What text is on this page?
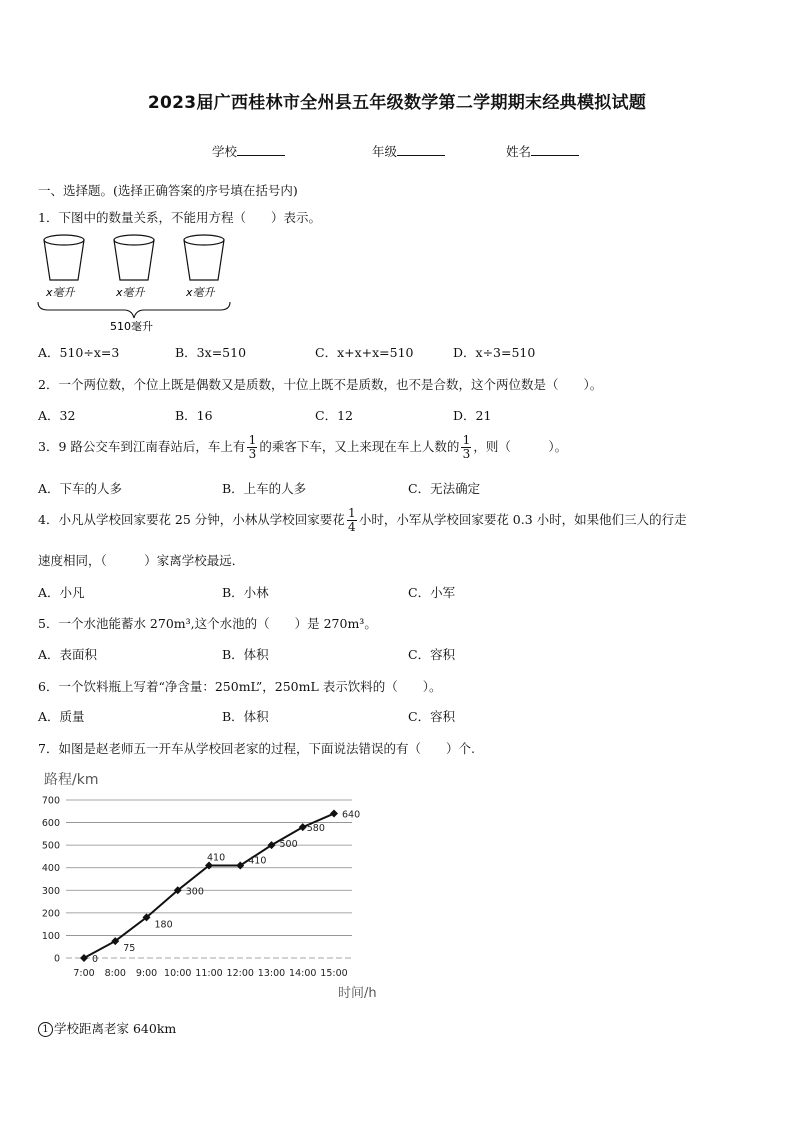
2023届广西桂林市全州县五年级数学第二学期期末经典模拟试题
学校	年级	姓名
一、选择题。(选择正确答案的序号填在括号内)
1．下图中的数量关系，不能用方程（　　）表示。
x毫升	x毫升	x毫升
510毫升
A．510÷x=3	B．3x=510	C．x+x+x=510	D．x÷3=510
2．一个两位数，个位上既是偶数又是质数，十位上既不是质数，也不是合数，这个两位数是（　　）。
A．32	B．16	C．12	D．21
3．9 路公交车到江南春站后，车上有 $\frac{1}{3}$ 的乘客下车，又上来现在车上人数的 $\frac{1}{3}$ ，则（　　　）。
A．下车的人多	B．上车的人多	C．无法确定
4．小凡从学校回家要花 25 分钟，小林从学校回家要花 $\frac{1}{4}$ 小时，小军从学校回家要花 0.3 小时，如果他们三人的行走
速度相同，（　　　）家离学校最远．
A．小凡	B．小林	C．小军
5．一个水池能蓄水 270m³,这个水池的（　　）是 270m³。
A．表面积	B．体积	C．容积
6．一个饮料瓶上写着“净含量：250mL”，250mL 表示饮料的（　　）。
A．质量	B．体积	C．容积
7．如图是赵老师五一开车从学校回老家的过程，下面说法错误的有（　　）个.
路程/km
0
100
200
300
400
500
600
700
7:00 8:00 9:00 10:00 11:00 12:00 13:00 14:00 15:00
时间/h
0
75
180
300
410 410
500
580
640
1 学校距离老家 640km
